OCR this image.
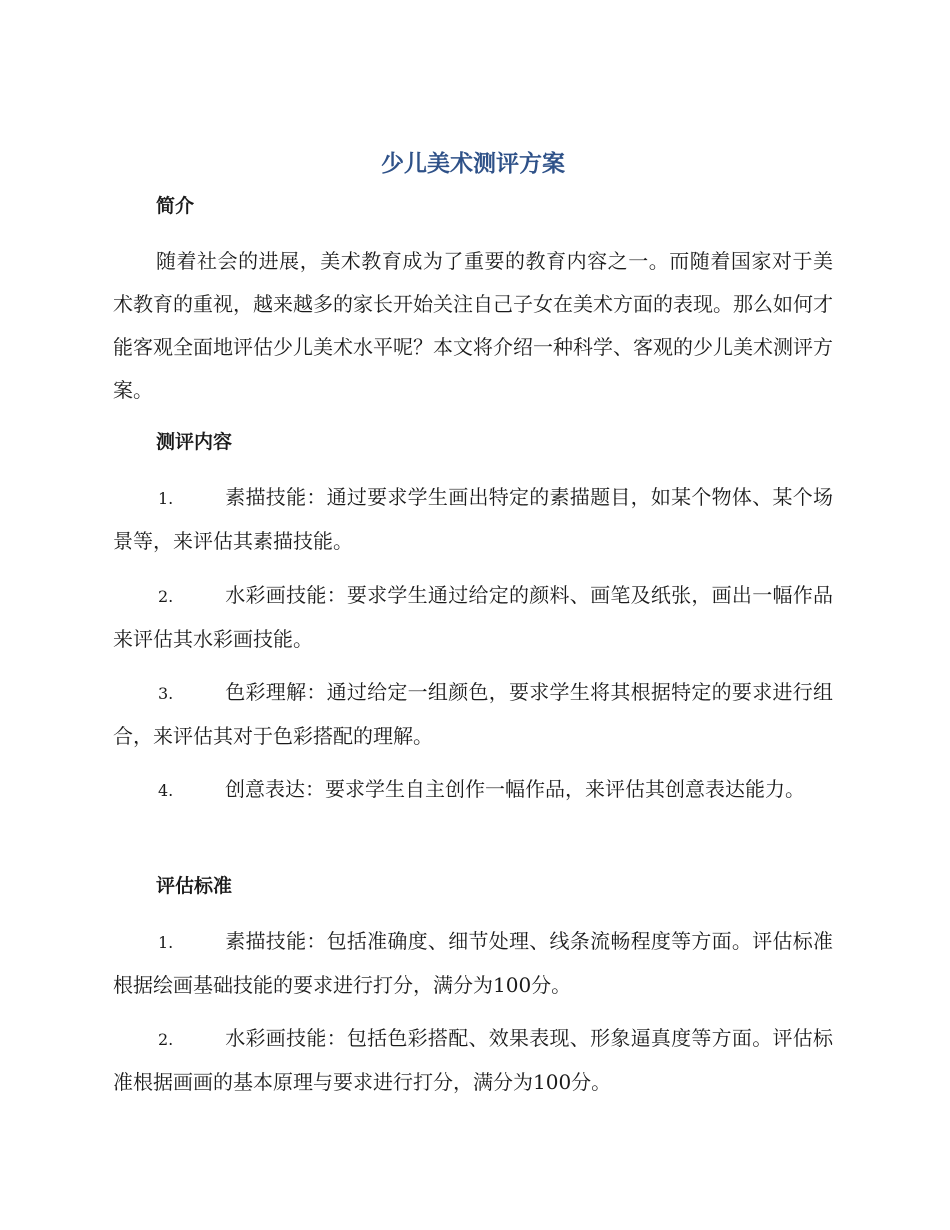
少儿美术测评方案
简介

随着社会的进展，美术教育成为了重要的教育内容之一。而随着国家对于美术教育的重视，越来越多的家长开始关注自己子女在美术方面的表现。那么如何才能客观全面地评估少儿美术水平呢？本文将介绍一种科学、客观的少儿美术测评方案。

测评内容

1.	素描技能：通过要求学生画出特定的素描题目，如某个物体、某个场景等，来评估其素描技能。

2.	水彩画技能：要求学生通过给定的颜料、画笔及纸张，画出一幅作品来评估其水彩画技能。

3.	色彩理解：通过给定一组颜色，要求学生将其根据特定的要求进行组合，来评估其对于色彩搭配的理解。

4.	创意表达：要求学生自主创作一幅作品，来评估其创意表达能力。

评估标准

1.	素描技能：包括准确度、细节处理、线条流畅程度等方面。评估标准根据绘画基础技能的要求进行打分，满分为100分。

2.	水彩画技能：包括色彩搭配、效果表现、形象逼真度等方面。评估标准根据画画的基本原理与要求进行打分，满分为100分。
